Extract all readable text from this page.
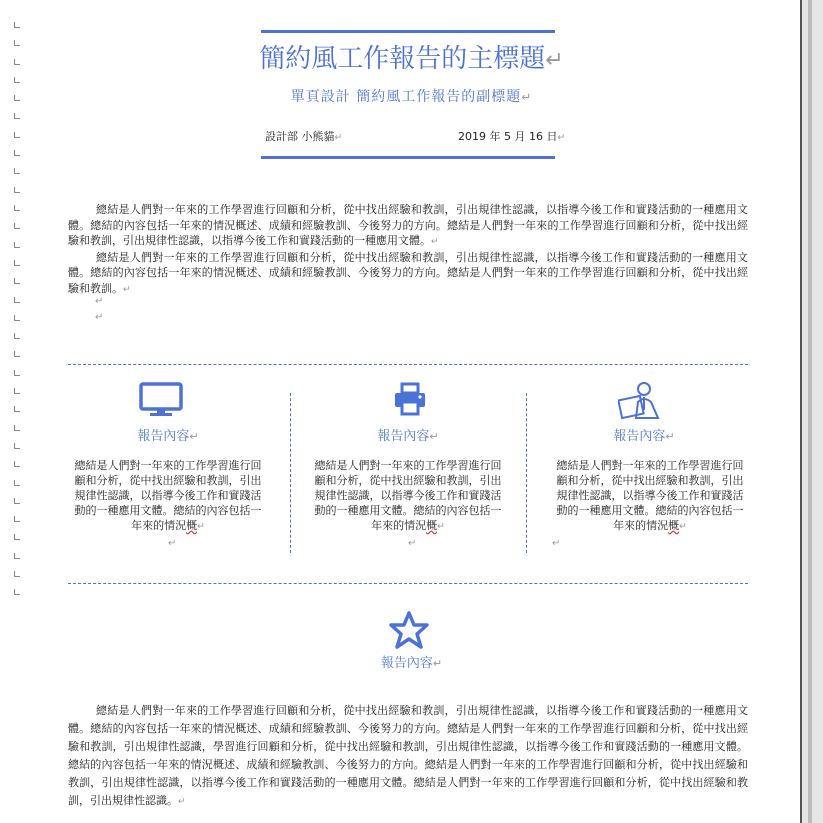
簡約風工作報告的主標題↵
單頁設計 簡約風工作報告的副標題↵
設計部 小熊貓↵	2019 年 5 月 16 日↵

總結是人們對一年來的工作學習進行回顧和分析，從中找出經驗和教訓，引出規律性認識，以指導今後工作和實踐活動的一種應用文體。總結的內容包括一年來的情況概述、成績和經驗教訓、今後努力的方向。總結是人們對一年來的工作學習進行回顧和分析，從中找出經驗和教訓，引出規律性認識，以指導今後工作和實踐活動的一種應用文體。↵

總結是人們對一年來的工作學習進行回顧和分析，從中找出經驗和教訓，引出規律性認識，以指導今後工作和實踐活動的一種應用文體。總結的內容包括一年來的情況概述、成績和經驗教訓、今後努力的方向。總結是人們對一年來的工作學習進行回顧和分析，從中找出經驗和教訓。↵

↵
↵
報告內容↵
總結是人們對一年來的工作學習進行回顧和分析，從中找出經驗和教訓，引出規律性認識，以指導今後工作和實踐活動的一種應用文體。總結的內容包括一年來的情況概↵
↵
報告內容↵
總結是人們對一年來的工作學習進行回顧和分析，從中找出經驗和教訓，引出規律性認識，以指導今後工作和實踐活動的一種應用文體。總結的內容包括一年來的情況概↵
↵
報告內容↵
總結是人們對一年來的工作學習進行回顧和分析，從中找出經驗和教訓，引出規律性認識，以指導今後工作和實踐活動的一種應用文體。總結的內容包括一年來的情況概↵
↵
報告內容↵

總結是人們對一年來的工作學習進行回顧和分析，從中找出經驗和教訓，引出規律性認識，以指導今後工作和實踐活動的一種應用文體。總結的內容包括一年來的情況概述、成績和經驗教訓、今後努力的方向。總結是人們對一年來的工作學習進行回顧和分析，從中找出經驗和教訓，引出規律性認識，學習進行回顧和分析，從中找出經驗和教訓，引出規律性認識，以指導今後工作和實踐活動的一種應用文體。總結的內容包括一年來的情況概述、成績和經驗教訓、今後努力的方向。總結是人們對一年來的工作學習進行回顧和分析，從中找出經驗和教訓，引出規律性認識，以指導今後工作和實踐活動的一種應用文體。總結是人們對一年來的工作學習進行回顧和分析，從中找出經驗和教訓，引出規律性認識。↵
